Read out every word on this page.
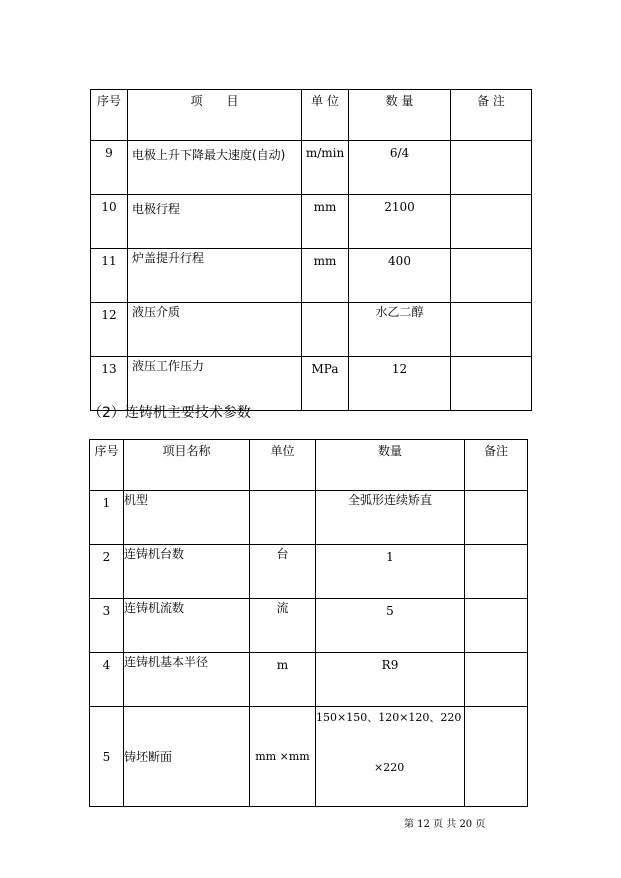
序号	项　　目	单 位	数 量	备 注
9	电极上升下降最大速度(自动)	m/min	6/4	
10	电极行程	mm	2100	
11	炉盖提升行程	mm	400	
12	液压介质		水乙二醇	
13	液压工作压力	MPa	12	
（2）连铸机主要技术参数
序号	项目名称	单位	数量	备注
1	机型		全弧形连续矫直	
2	连铸机台数	台	1	
3	连铸机流数	流	5	
4	连铸机基本半径	m	R9	
5	铸坯断面	mm ×mm	150×150、120×120、220
×220	

第 12 页 共 20 页
